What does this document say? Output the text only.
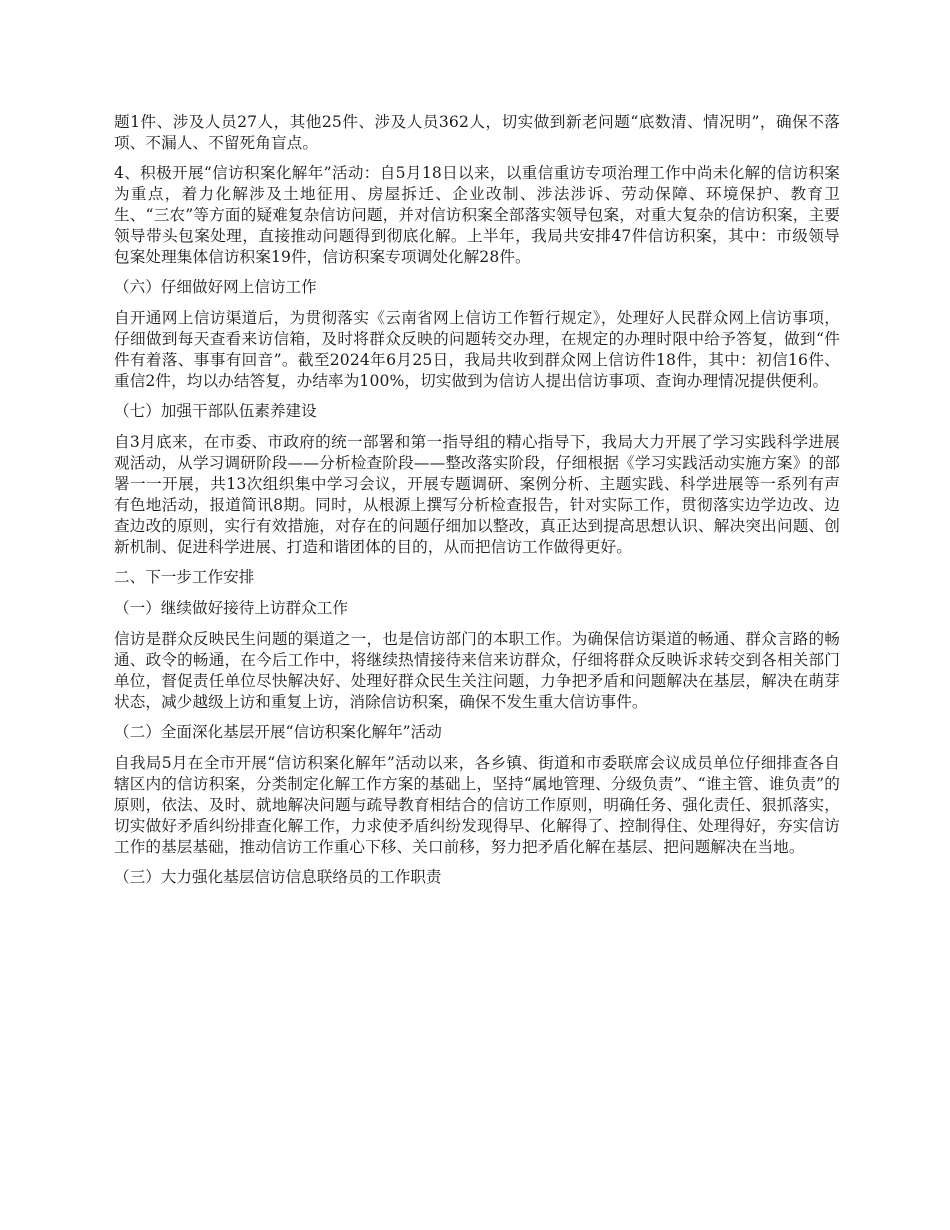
题1件、涉及人员27人，其他25件、涉及人员362人，切实做到新老问题“底数清、情况明”，确保不落项、不漏人、不留死角盲点。

4、积极开展“信访积案化解年”活动：自5月18日以来，以重信重访专项治理工作中尚未化解的信访积案为重点，着力化解涉及土地征用、房屋拆迁、企业改制、涉法涉诉、劳动保障、环境保护、教育卫生、“三农”等方面的疑难复杂信访问题，并对信访积案全部落实领导包案，对重大复杂的信访积案，主要领导带头包案处理，直接推动问题得到彻底化解。上半年，我局共安排47件信访积案，其中：市级领导包案处理集体信访积案19件，信访积案专项调处化解28件。

（六）仔细做好网上信访工作

自开通网上信访渠道后，为贯彻落实《云南省网上信访工作暂行规定》，处理好人民群众网上信访事项，仔细做到每天查看来访信箱，及时将群众反映的问题转交办理，在规定的办理时限中给予答复，做到“件件有着落、事事有回音”。截至2024年6月25日，我局共收到群众网上信访件18件，其中：初信16件、重信2件，均以办结答复，办结率为100%，切实做到为信访人提出信访事项、查询办理情况提供便利。

（七）加强干部队伍素养建设

自3月底来，在市委、市政府的统一部署和第一指导组的精心指导下，我局大力开展了学习实践科学进展观活动，从学习调研阶段——分析检查阶段——整改落实阶段，仔细根据《学习实践活动实施方案》的部署一一开展，共13次组织集中学习会议，开展专题调研、案例分析、主题实践、科学进展等一系列有声有色地活动，报道简讯8期。同时，从根源上撰写分析检查报告，针对实际工作，贯彻落实边学边改、边查边改的原则，实行有效措施，对存在的问题仔细加以整改，真正达到提高思想认识、解决突出问题、创新机制、促进科学进展、打造和谐团体的目的，从而把信访工作做得更好。

二、下一步工作安排

（一）继续做好接待上访群众工作

信访是群众反映民生问题的渠道之一，也是信访部门的本职工作。为确保信访渠道的畅通、群众言路的畅通、政令的畅通，在今后工作中，将继续热情接待来信来访群众，仔细将群众反映诉求转交到各相关部门单位，督促责任单位尽快解决好、处理好群众民生关注问题，力争把矛盾和问题解决在基层，解决在萌芽状态，减少越级上访和重复上访，消除信访积案，确保不发生重大信访事件。

（二）全面深化基层开展“信访积案化解年”活动

自我局5月在全市开展“信访积案化解年”活动以来，各乡镇、街道和市委联席会议成员单位仔细排查各自辖区内的信访积案，分类制定化解工作方案的基础上，坚持“属地管理、分级负责”、“谁主管、谁负责”的原则，依法、及时、就地解决问题与疏导教育相结合的信访工作原则，明确任务、强化责任、狠抓落实，切实做好矛盾纠纷排查化解工作，力求使矛盾纠纷发现得早、化解得了、控制得住、处理得好，夯实信访工作的基层基础，推动信访工作重心下移、关口前移，努力把矛盾化解在基层、把问题解决在当地。

（三）大力强化基层信访信息联络员的工作职责
